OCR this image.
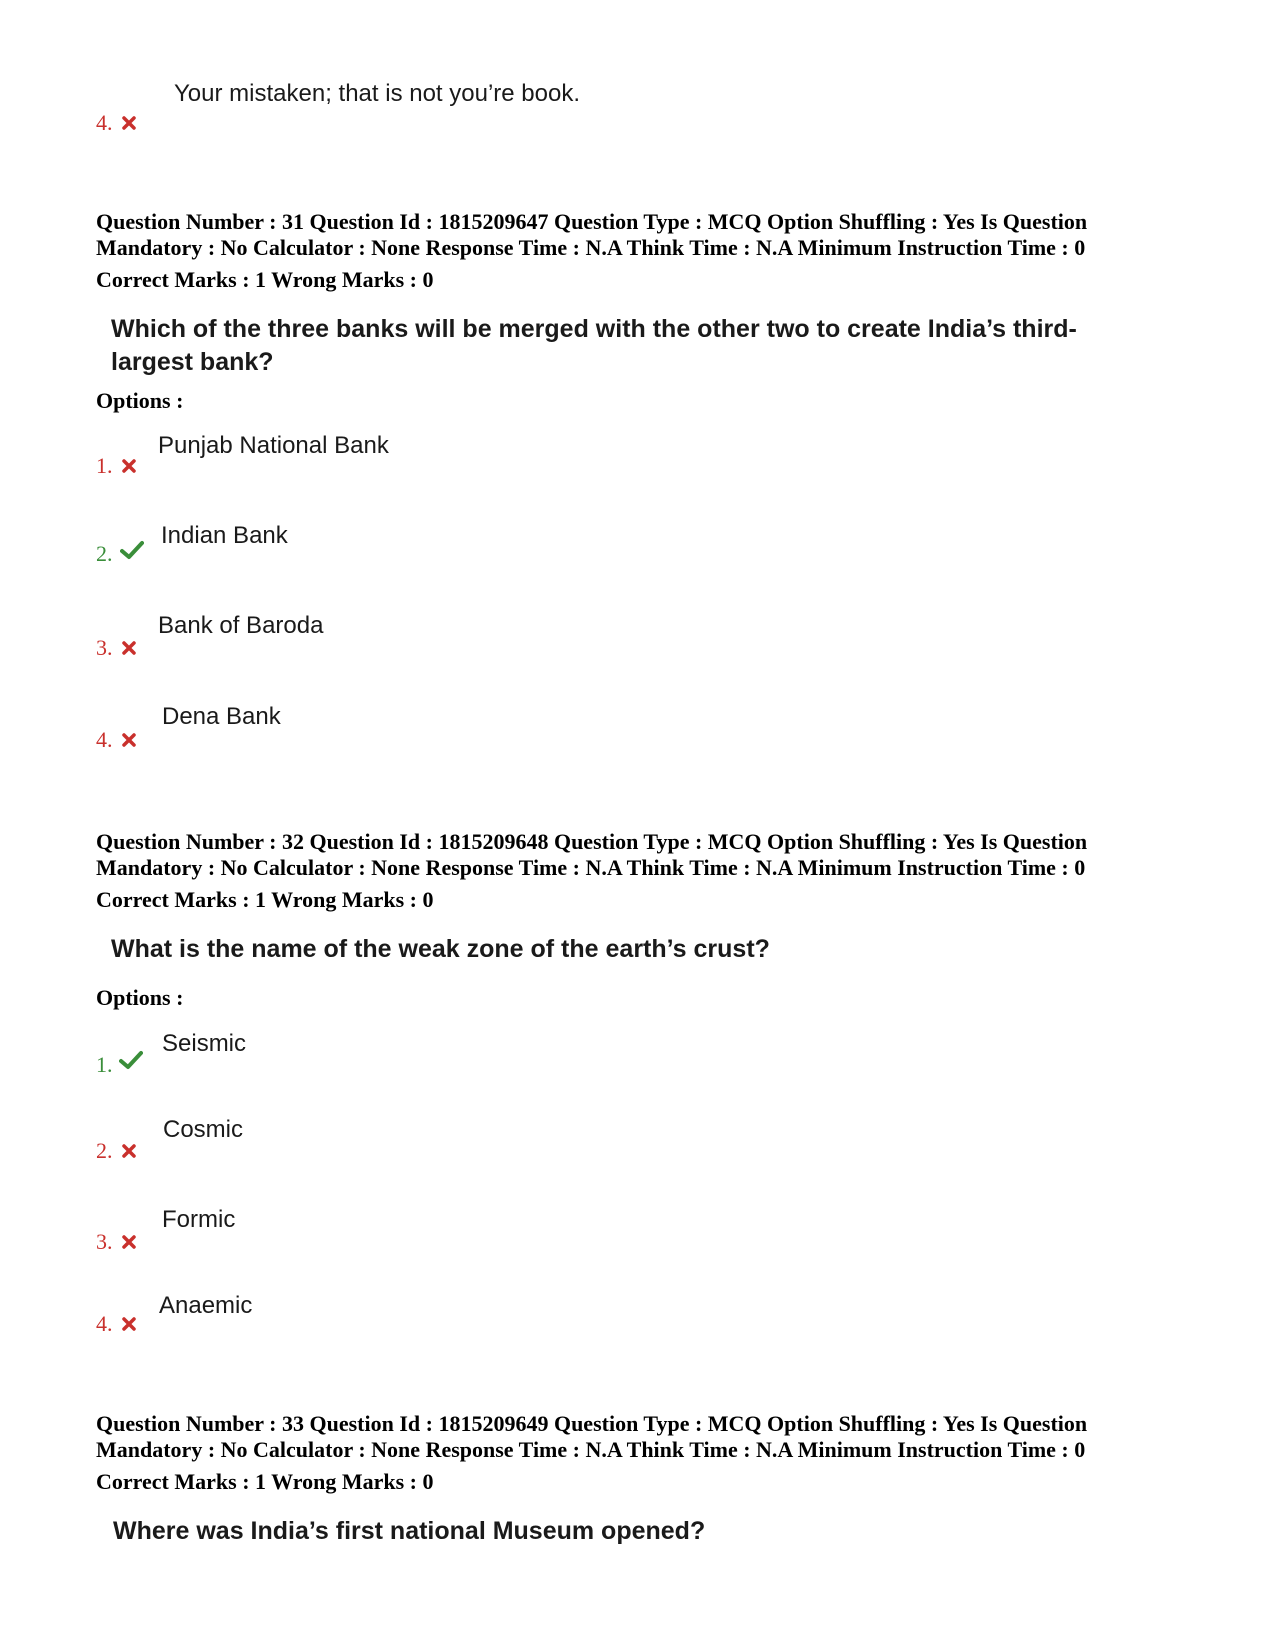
Your mistaken; that is not you’re book.
4.
Question Number : 31 Question Id : 1815209647 Question Type : MCQ Option Shuffling : Yes Is Question
Mandatory : No Calculator : None Response Time : N.A Think Time : N.A Minimum Instruction Time : 0
Correct Marks : 1 Wrong Marks : 0
Which of the three banks will be merged with the other two to create India’s third-
largest bank?
Options :
Punjab National Bank
1.
Indian Bank
2.
Bank of Baroda
3.
Dena Bank
4.
Question Number : 32 Question Id : 1815209648 Question Type : MCQ Option Shuffling : Yes Is Question
Mandatory : No Calculator : None Response Time : N.A Think Time : N.A Minimum Instruction Time : 0
Correct Marks : 1 Wrong Marks : 0
What is the name of the weak zone of the earth’s crust?
Options :
Seismic
1.
Cosmic
2.
Formic
3.
Anaemic
4.
Question Number : 33 Question Id : 1815209649 Question Type : MCQ Option Shuffling : Yes Is Question
Mandatory : No Calculator : None Response Time : N.A Think Time : N.A Minimum Instruction Time : 0
Correct Marks : 1 Wrong Marks : 0
Where was India’s first national Museum opened?
